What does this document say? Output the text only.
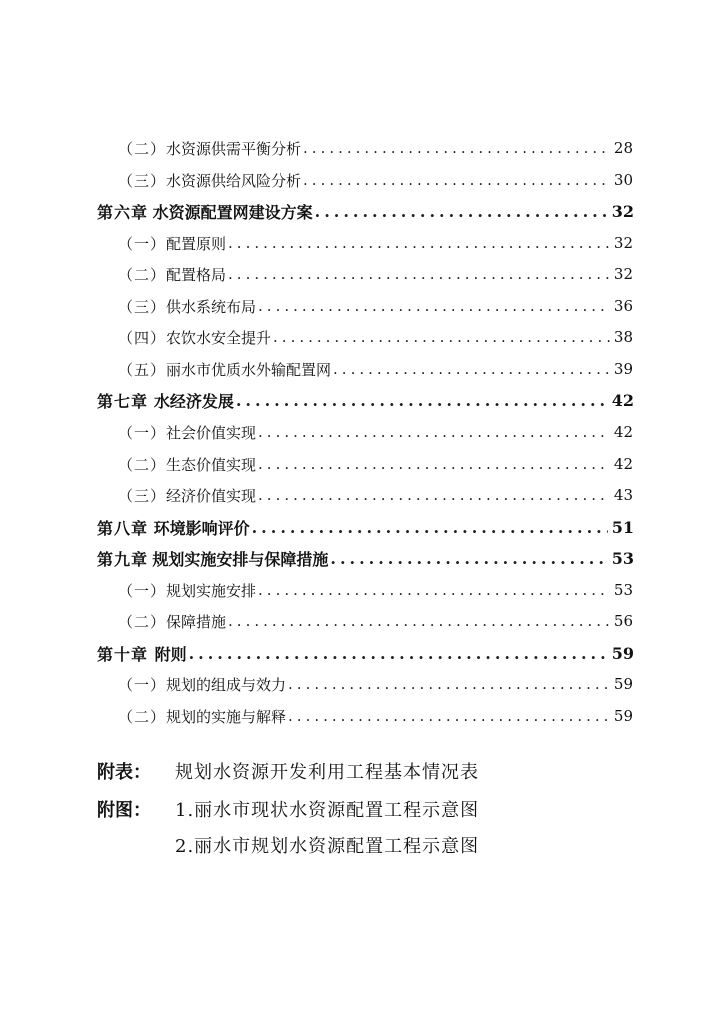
（二） 水资源供需平衡分析 .....	28
（三） 水资源供给风险分析 .....	30
第六章 水资源配置网建设方案 .....	32
（一） 配置原则 .....	32
（二） 配置格局 .....	32
（三） 供水系统布局 .....	36
（四） 农饮水安全提升 .....	38
（五） 丽水市优质水外输配置网 .....	39
第七章 水经济发展 .....	42
（一） 社会价值实现 .....	42
（二） 生态价值实现 .....	42
（三） 经济价值实现 .....	43
第八章 环境影响评价 .....	51
第九章 规划实施安排与保障措施 .....	53
（一） 规划实施安排 .....	53
（二） 保障措施 .....	56
第十章 附则 .....	59
（一） 规划的组成与效力 .....	59
（二） 规划的实施与解释 .....	59
附表： 规划水资源开发利用工程基本情况表
附图： 1.丽水市现状水资源配置工程示意图
2.丽水市规划水资源配置工程示意图
